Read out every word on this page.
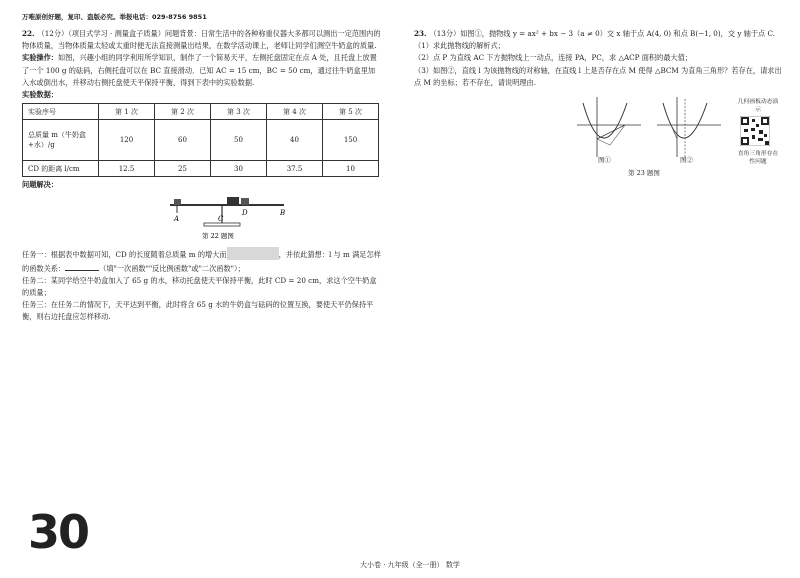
万唯原创好题，复印、盗版必究。举报电话：029-8756 9851

22. （12分）（项目式学习 · 测量盒子质量）问题背景：日常生活中的各种称重仪器大多都可以测出一定范围内的物体质量，当物体质量太轻或太重时便无法直接测量出结果，在数学活动课上，老师让同学们测空牛奶盒的质量.

实验操作：如图，兴趣小组的同学利用所学知识，制作了一个简易天平，左侧托盘固定在点 A 处，且托盘上放置了一个 100 g 的砝码，右侧托盘可以在 BC 直接滑动．已知 AC = 15 cm，BC = 50 cm，通过往牛奶盒里加入水或倒出水，并移动右侧托盘使天平保持平衡，得到下表中的实验数据.

实验数据：

实验序号	第 1 次	第 2 次	第 3 次	第 4 次	第 5 次
总质量 m（牛奶盒+水）/g	120	60	50	40	150
CD 的距离 l/cm	12.5	25	30	37.5	10

问题解决：

A	C
D	B
第 22 题图

任务一：根据表中数据可知，CD 的长度随着总质量 m 的增大而	，并依此猜想：l 与 m 满足怎样的函数关系：	（填"一次函数""反比例函数"或"二次函数"）；

任务二：某同学给空牛奶盒加入了 65 g 的水，移动托盘使天平保持平衡，此时 CD = 20 cm，求这个空牛奶盒的质量；

任务三：在任务二的情况下，天平达到平衡，此时将含 65 g 水的牛奶盒与砝码的位置互换，要使天平仍保持平衡，则右边托盘应怎样移动.

23. （13分）如图①，抛物线 y = ax² + bx − 3（a ≠ 0）交 x 轴于点 A(4, 0) 和点 B(−1, 0)，交 y 轴于点 C.

（1）求此抛物线的解析式；

（2）点 P 为直线 AC 下方抛物线上一动点，连接 PA，PC，求 △ACP 面积的最大值；

（3）如图②，直线 l 为该抛物线的对称轴，在直线 l 上是否存在点 M 使得 △BCM 为直角三角形？若存在，请求出点 M 的坐标；若不存在，请说明理由.

图①	图②
第 23 题图
几何画板动态演示
直角三角形存在性问题
30
大小卷 · 九年级（全一册） 数学
